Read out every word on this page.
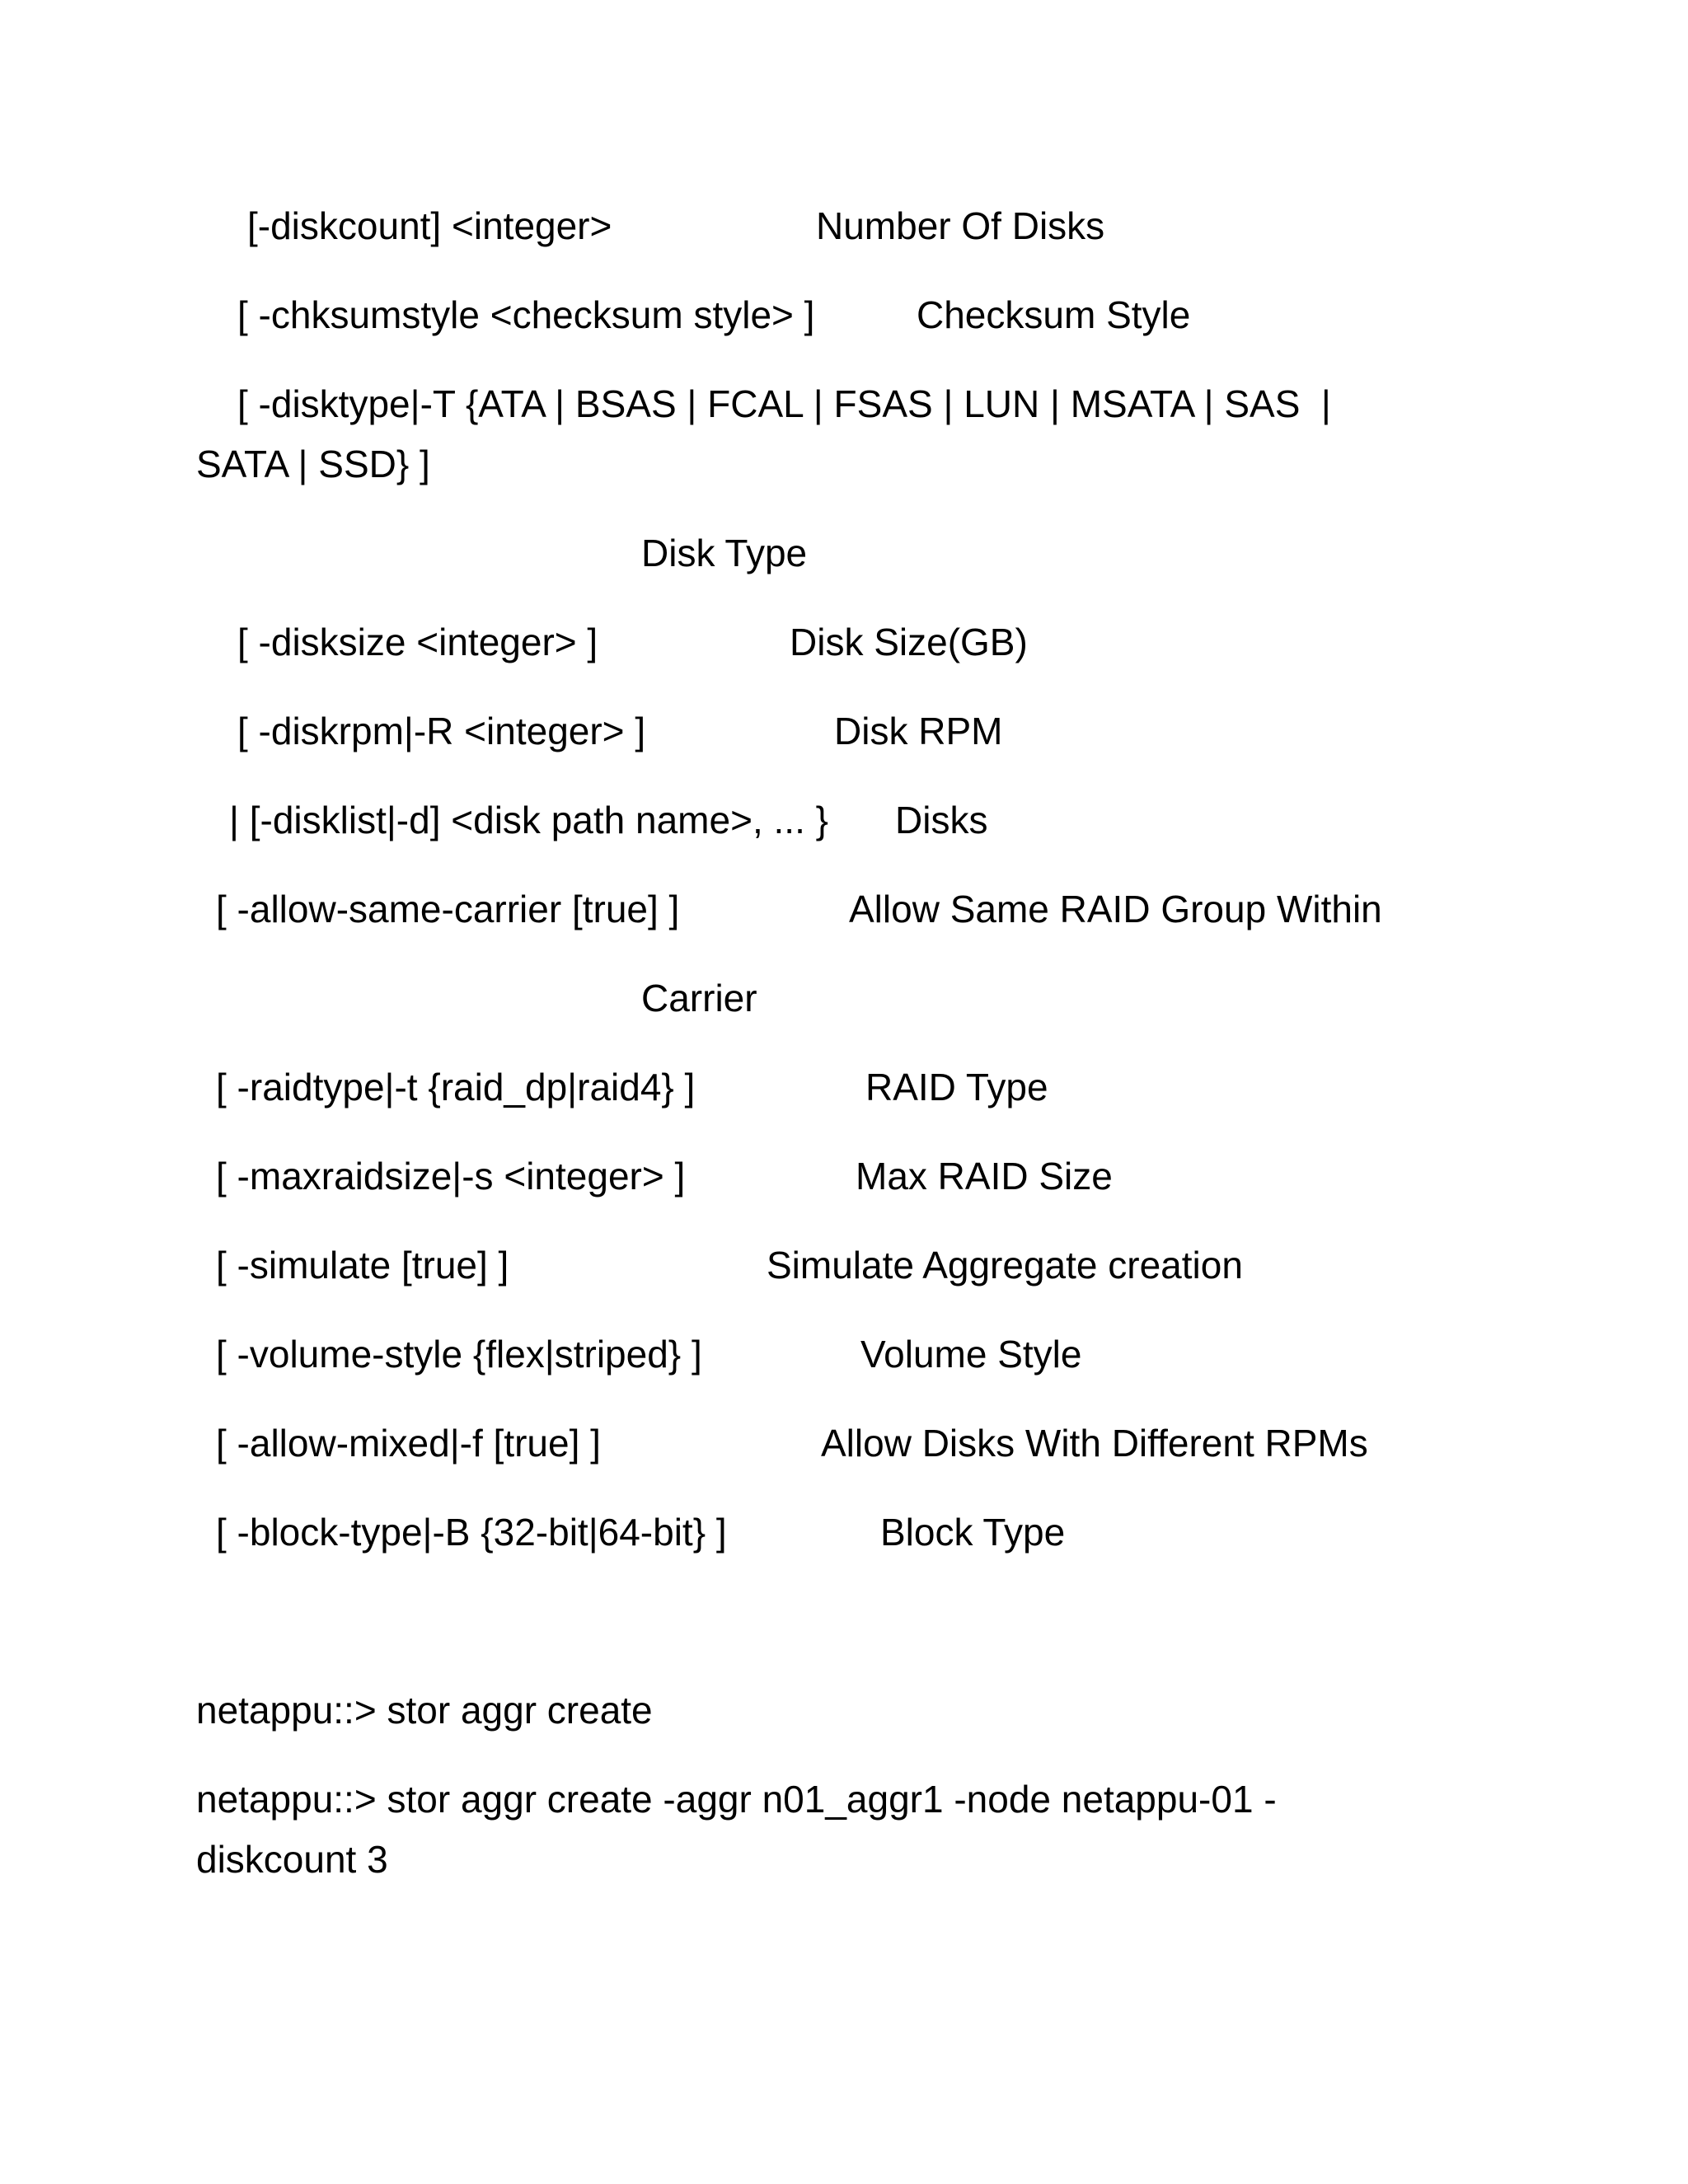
[-diskcount] <integer>	Number Of Disks

[ -chksumstyle <checksum style> ]	Checksum Style

[ -disktype|-T {ATA | BSAS | FCAL | FSAS | LUN | MSATA | SAS  |

SATA | SSD} ]

Disk Type

[ -disksize <integer> ]	Disk Size(GB)

[ -diskrpm|-R <integer> ]	Disk RPM

| [-disklist|-d] <disk path name>, ... } Disks

[ -allow-same-carrier [true] ]	Allow Same RAID Group Within

Carrier

[ -raidtype|-t {raid_dp|raid4} ]	RAID Type

[ -maxraidsize|-s <integer> ]	Max RAID Size

[ -simulate [true] ]	Simulate Aggregate creation

[ -volume-style {flex|striped} ]	Volume Style

[ -allow-mixed|-f [true] ]	Allow Disks With Different RPMs

[ -block-type|-B {32-bit|64-bit} ]	Block Type

netappu::> stor aggr create

netappu::> stor aggr create -aggr n01_aggr1 -node netappu-01 -

diskcount 3
